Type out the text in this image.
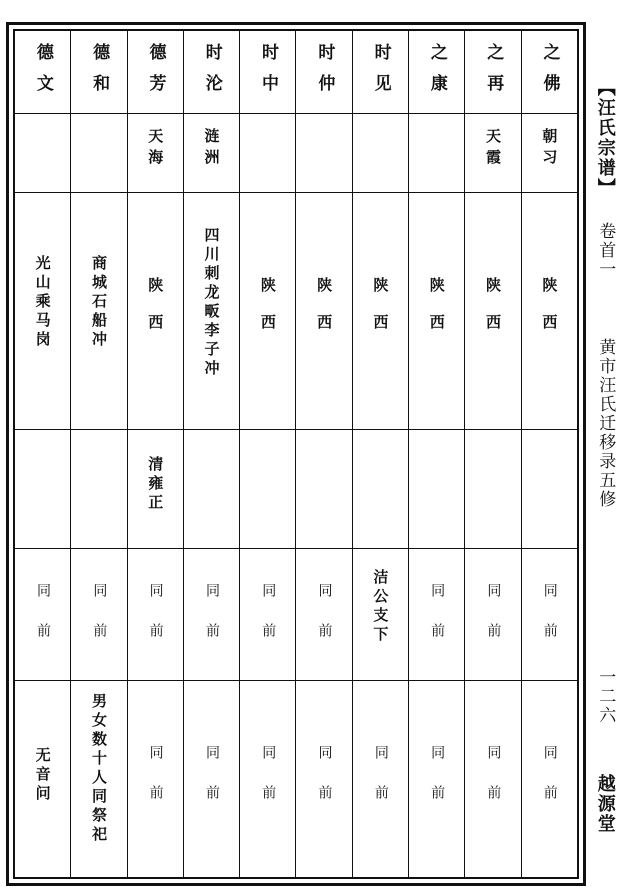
德文	德和	德芳	时沦	时中	时仲	时见	之康	之再	之佛
		天海	涟洲					天霞	朝习
光山乘马岗	商城石船冲	陕西	四川刺龙畈李子冲	陕西	陕西	陕西	陕西	陕西	陕西
		清雍正							
同前	同前	同前	同前	同前	同前	洁公支下	同前	同前	同前
无音问	男女数十人同祭祀	同前	同前	同前	同前	同前	同前	同前	同前
【汪氏宗谱】
卷首一
黄市汪氏迁移录五修
一二六
越源堂
